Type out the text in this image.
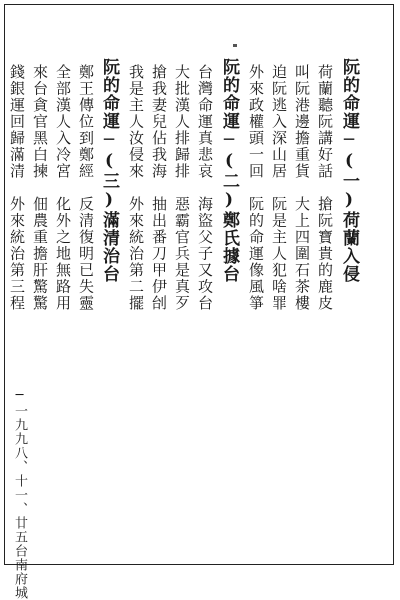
阮的命運─(一)荷蘭入侵
荷蘭聽阮講好話　搶阮寶貴的鹿皮
叫阮港邊擔重貨　大上四圍石茶樓
迫阮逃入深山居　阮是主人犯啥罪
外來政權頭一回　阮的命運像風箏
阮的命運─(二)鄭氏據台
台灣命運真悲哀　海盜父子又攻台
大批漢人排歸排　惡霸官兵是真歹
搶我妻兒佔我海　抽出番刀甲伊刣
我是主人汝侵來　外來統治第二擺
阮的命運─(三)滿清治台
鄭王傳位到鄭經　反清復明已失靈
全部漢人入冷宮　化外之地無路用
來台貪官黑白揀　佃農重擔肝驚驚
錢銀運回歸滿清　外來統治第三程
─一九九八、十一、廿五台南府城
